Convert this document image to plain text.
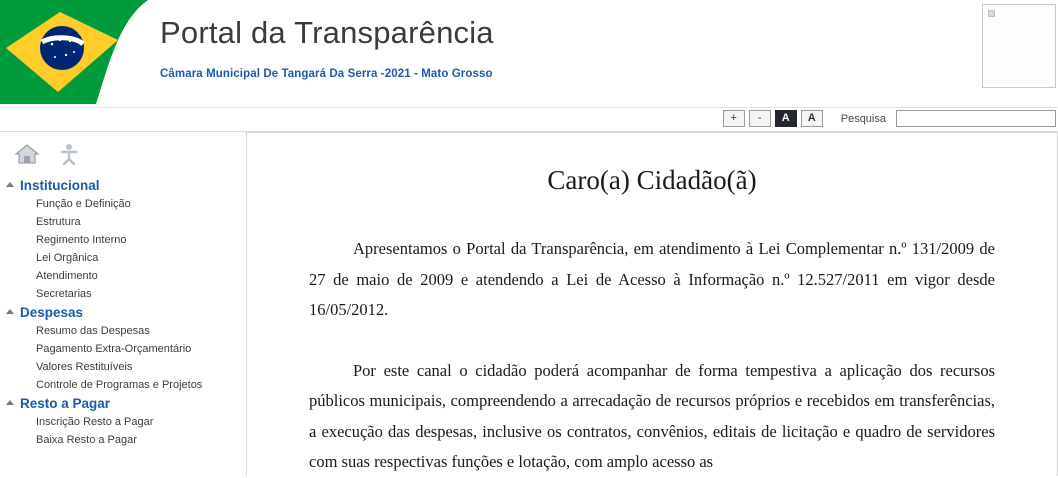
Portal da Transparência
Câmara Municipal De Tangará Da Serra -2021 - Mato Grosso
+	-	A	A	Pesquisa
Institucional
Função e Definição
Estrutura
Regimento Interno
Lei Orgânica
Atendimento
Secretarias
Despesas
Resumo das Despesas
Pagamento Extra-Orçamentário
Valores Restituíveis
Controle de Programas e Projetos
Resto a Pagar
Inscrição Resto a Pagar
Baixa Resto a Pagar
Caro(a) Cidadão(ã)

Apresentamos o Portal da Transparência, em atendimento à Lei Complementar n.º 131/2009 de 27 de maio de 2009 e atendendo a Lei de Acesso à Informação n.º 12.527/2011 em vigor desde 16/05/2012.

Por este canal o cidadão poderá acompanhar de forma tempestiva a aplicação dos recursos públicos municipais, compreendendo a arrecadação de recursos próprios e recebidos em transferências, a execução das despesas, inclusive os contratos, convênios, editais de licitação e quadro de servidores com suas respectivas funções e lotação, com amplo acesso as
